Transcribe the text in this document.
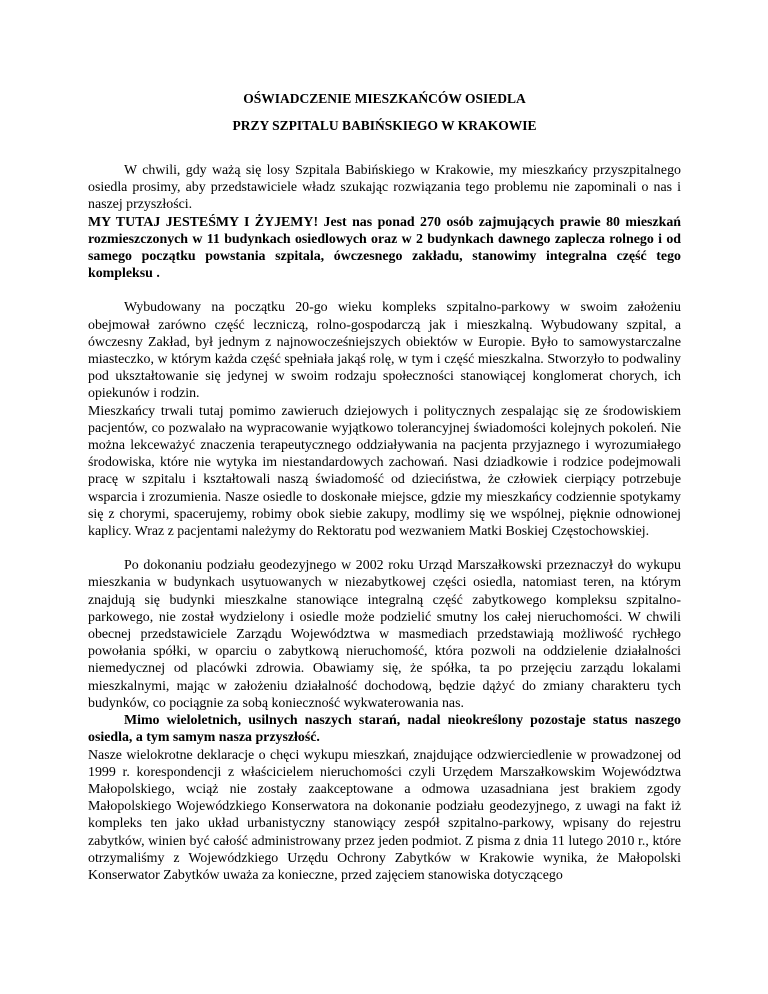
OŚWIADCZENIE MIESZKAŃCÓW OSIEDLA

PRZY SZPITALU BABIŃSKIEGO W KRAKOWIE

W chwili, gdy ważą się losy Szpitala Babińskiego w Krakowie, my mieszkańcy przyszpitalnego osiedla prosimy, aby przedstawiciele władz szukając rozwiązania tego problemu nie zapominali o nas i naszej przyszłości.

MY TUTAJ JESTEŚMY I ŻYJEMY! Jest nas ponad 270 osób zajmujących prawie 80 mieszkań rozmieszczonych w 11 budynkach osiedlowych oraz w 2 budynkach dawnego zaplecza rolnego i od samego początku powstania szpitala, ówczesnego zakładu, stanowimy integralna część tego kompleksu .

Wybudowany na początku 20-go wieku kompleks szpitalno-parkowy w swoim założeniu obejmował zarówno część leczniczą, rolno-gospodarczą jak i mieszkalną. Wybudowany szpital, a ówczesny Zakład, był jednym z najnowocześniejszych obiektów w Europie. Było to samowystarczalne miasteczko, w którym każda część spełniała jakąś rolę, w tym i część mieszkalna. Stworzyło to podwaliny pod ukształtowanie się jedynej w swoim rodzaju społeczności stanowiącej konglomerat chorych, ich opiekunów i rodzin.

Mieszkańcy trwali tutaj pomimo zawieruch dziejowych i politycznych zespalając się ze środowiskiem pacjentów, co pozwalało na wypracowanie wyjątkowo tolerancyjnej świadomości kolejnych pokoleń. Nie można lekceważyć znaczenia terapeutycznego oddziaływania na pacjenta przyjaznego i wyrozumiałego środowiska, które nie wytyka im niestandardowych zachowań. Nasi dziadkowie i rodzice podejmowali pracę w szpitalu i kształtowali naszą świadomość od dzieciństwa, że człowiek cierpiący potrzebuje wsparcia i zrozumienia. Nasze osiedle to doskonałe miejsce, gdzie my mieszkańcy codziennie spotykamy się z chorymi, spacerujemy, robimy obok siebie zakupy, modlimy się we wspólnej, pięknie odnowionej kaplicy. Wraz z pacjentami należymy do Rektoratu pod wezwaniem Matki Boskiej Częstochowskiej.

Po dokonaniu podziału geodezyjnego w 2002 roku Urząd Marszałkowski przeznaczył do wykupu mieszkania w budynkach usytuowanych w niezabytkowej części osiedla, natomiast teren, na którym znajdują się budynki mieszkalne stanowiące integralną część zabytkowego kompleksu szpitalno-parkowego, nie został wydzielony i osiedle może podzielić smutny los całej nieruchomości. W chwili obecnej przedstawiciele Zarządu Województwa w masmediach przedstawiają możliwość rychłego powołania spółki, w oparciu o zabytkową nieruchomość, która pozwoli na oddzielenie działalności niemedycznej od placówki zdrowia. Obawiamy się, że spółka, ta po przejęciu zarządu lokalami mieszkalnymi, mając w założeniu działalność dochodową, będzie dążyć do zmiany charakteru tych budynków, co pociągnie za sobą konieczność wykwaterowania nas.

Mimo wieloletnich, usilnych naszych starań, nadal nieokreślony pozostaje status naszego osiedla, a tym samym nasza przyszłość.

Nasze wielokrotne deklaracje o chęci wykupu mieszkań, znajdujące odzwierciedlenie w prowadzonej od 1999 r. korespondencji z właścicielem nieruchomości czyli Urzędem Marszałkowskim Województwa Małopolskiego, wciąż nie zostały zaakceptowane a odmowa uzasadniana jest brakiem zgody Małopolskiego Wojewódzkiego Konserwatora na dokonanie podziału geodezyjnego, z uwagi na fakt iż kompleks ten jako układ urbanistyczny stanowiący zespół szpitalno-parkowy, wpisany do rejestru zabytków, winien być całość administrowany przez jeden podmiot. Z pisma z dnia 11 lutego 2010 r., które otrzymaliśmy z Wojewódzkiego Urzędu Ochrony Zabytków w Krakowie wynika, że Małopolski Konserwator Zabytków uważa za konieczne, przed zajęciem stanowiska dotyczącego
